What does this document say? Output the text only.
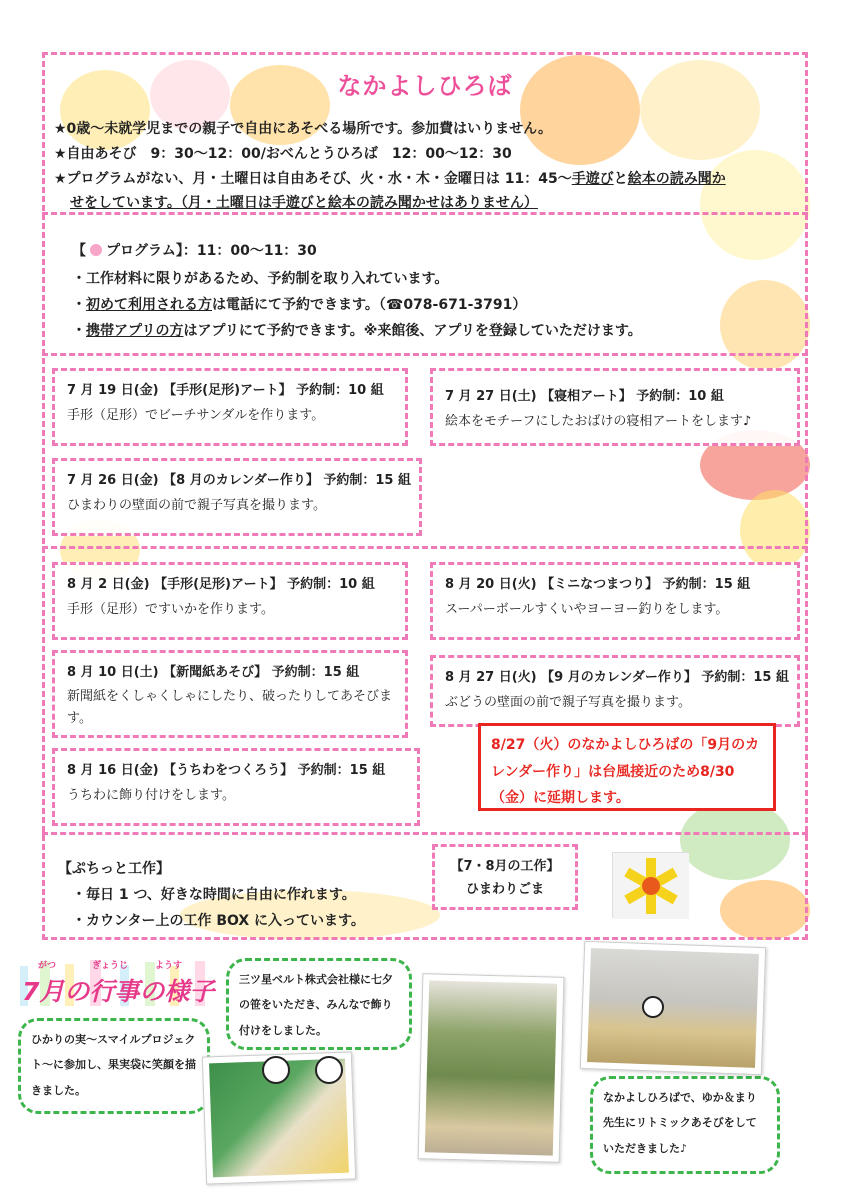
なかよしひろば
★0歳～未就学児までの親子で自由にあそべる場所です。参加費はいりません。
★自由あそび　9：30～12：00/おべんとうひろば　12：00～12：30
★プログラムがない、月・土曜日は自由あそび、火・水・木・金曜日は 11：45～手遊びと絵本の読み聞か
せをしています。（月・土曜日は手遊びと絵本の読み聞かせはありません）
【 プログラム】：11：00～11：30
・工作材料に限りがあるため、予約制を取り入れています。
・初めて利用される方は電話にて予約できます。（☎078-671-3791）
・携帯アプリの方はアプリにて予約できます。※来館後、アプリを登録していただけます。
7 月 19 日(金) 【手形(足形)アート】 予約制：10 組
手形（足形）でビーチサンダルを作ります。
7 月 27 日(土) 【寝相アート】 予約制：10 組
絵本をモチーフにしたおばけの寝相アートをします♪
7 月 26 日(金) 【8 月のカレンダー作り】 予約制：15 組
ひまわりの壁面の前で親子写真を撮ります。
8 月 2 日(金) 【手形(足形)アート】 予約制：10 組
手形（足形）ですいかを作ります。
8 月 20 日(火) 【ミニなつまつり】 予約制：15 組
スーパーボールすくいやヨーヨー釣りをします。
8 月 10 日(土) 【新聞紙あそび】 予約制：15 組
新聞紙をくしゃくしゃにしたり、破ったりしてあそびます。
8 月 27 日(火) 【9 月のカレンダー作り】 予約制：15 組
ぶどうの壁面の前で親子写真を撮ります。
8 月 16 日(金) 【うちわをつくろう】 予約制：15 組
うちわに飾り付けをします。
8/27（火）のなかよしひろばの「9月のカレンダー作り」は台風接近のため8/30（金）に延期します。
【ぷちっと工作】
・毎日 1 つ、好きな時間に自由に作れます。
・カウンター上の工作 BOX に入っています。
【7・8月の工作】
ひまわりごま
がつ	ぎょうじ	ようす
7月の行事の様子
ひかりの実～スマイルプロジェクト～に参加し、果実袋に笑顔を描きました。
三ツ星ベルト株式会社様に七夕の笹をいただき、みんなで飾り付けをしました。
なかよしひろばで、ゆか＆まり先生にリトミックあそびをしていただきました♪
